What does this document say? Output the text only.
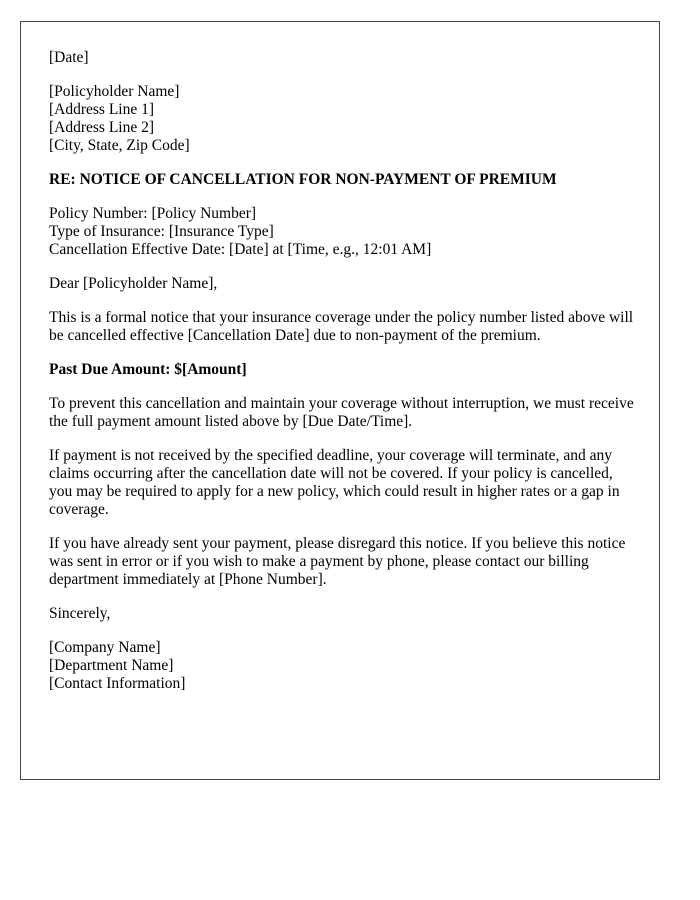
[Date]

[Policyholder Name]
[Address Line 1]
[Address Line 2]
[City, State, Zip Code]

RE: NOTICE OF CANCELLATION FOR NON-PAYMENT OF PREMIUM

Policy Number: [Policy Number]
Type of Insurance: [Insurance Type]
Cancellation Effective Date: [Date] at [Time, e.g., 12:01 AM]

Dear [Policyholder Name],

This is a formal notice that your insurance coverage under the policy number listed above will be cancelled effective [Cancellation Date] due to non-payment of the premium.

Past Due Amount: $[Amount]

To prevent this cancellation and maintain your coverage without interruption, we must receive the full payment amount listed above by [Due Date/Time].

If payment is not received by the specified deadline, your coverage will terminate, and any claims occurring after the cancellation date will not be covered. If your policy is cancelled, you may be required to apply for a new policy, which could result in higher rates or a gap in coverage.

If you have already sent your payment, please disregard this notice. If you believe this notice was sent in error or if you wish to make a payment by phone, please contact our billing department immediately at [Phone Number].

Sincerely,

[Company Name]
[Department Name]
[Contact Information]
